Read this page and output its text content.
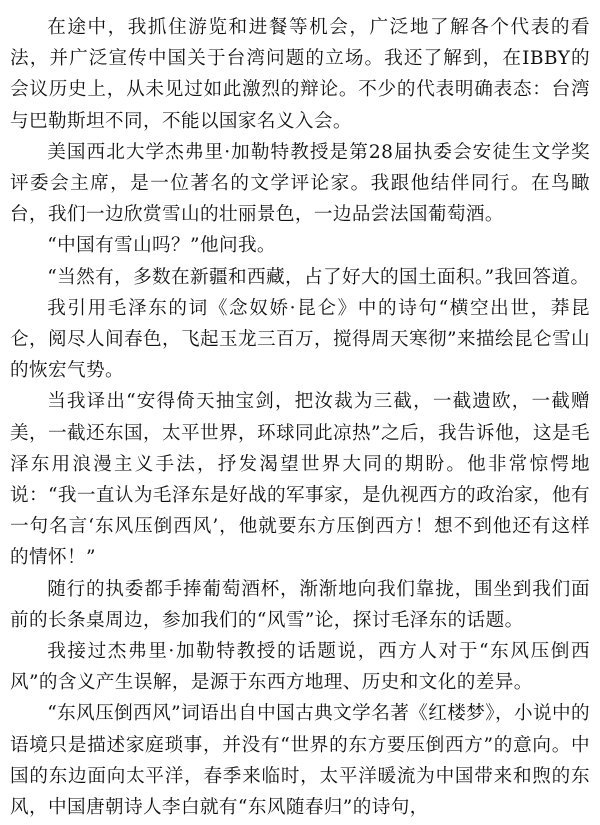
在途中，我抓住游览和进餐等机会，广泛地了解各个代表的看法，并广泛宣传中国关于台湾问题的立场。我还了解到，在IBBY的会议历史上，从未见过如此激烈的辩论。不少的代表明确表态：台湾与巴勒斯坦不同，不能以国家名义入会。

美国西北大学杰弗里·加勒特教授是第28届执委会安徒生文学奖评委会主席，是一位著名的文学评论家。我跟他结伴同行。在鸟瞰台，我们一边欣赏雪山的壮丽景色，一边品尝法国葡萄酒。

“中国有雪山吗？”他问我。

“当然有，多数在新疆和西藏，占了好大的国土面积。”我回答道。

我引用毛泽东的词《念奴娇·昆仑》中的诗句“横空出世，莽昆仑，阅尽人间春色，飞起玉龙三百万，搅得周天寒彻”来描绘昆仑雪山的恢宏气势。

当我译出“安得倚天抽宝剑，把汝裁为三截，一截遗欧，一截赠美，一截还东国，太平世界，环球同此凉热”之后，我告诉他，这是毛泽东用浪漫主义手法，抒发渴望世界大同的期盼。他非常惊愕地说：“我一直认为毛泽东是好战的军事家，是仇视西方的政治家，他有一句名言‘东风压倒西风’，他就要东方压倒西方！想不到他还有这样的情怀！”

随行的执委都手捧葡萄酒杯，渐渐地向我们靠拢，围坐到我们面前的长条桌周边，参加我们的“风雪”论，探讨毛泽东的话题。

我接过杰弗里·加勒特教授的话题说，西方人对于“东风压倒西风”的含义产生误解，是源于东西方地理、历史和文化的差异。

“东风压倒西风”词语出自中国古典文学名著《红楼梦》，小说中的语境只是描述家庭琐事，并没有“世界的东方要压倒西方”的意向。中国的东边面向太平洋，春季来临时，太平洋暖流为中国带来和煦的东风，中国唐朝诗人李白就有“东风随春归”的诗句，
